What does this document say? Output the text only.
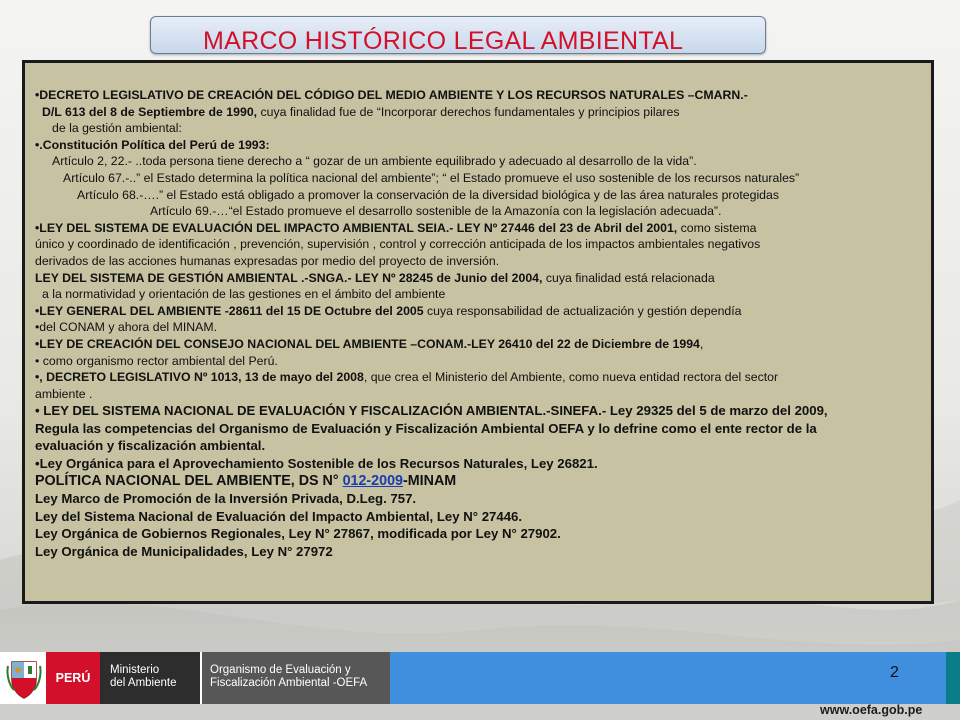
MARCO HISTÓRICO LEGAL AMBIENTAL

•DECRETO LEGISLATIVO DE CREACIÓN DEL CÓDIGO DEL MEDIO AMBIENTE Y LOS RECURSOS NATURALES –CMARN.-

D/L 613 del 8 de Septiembre de 1990, cuya finalidad fue de “Incorporar derechos fundamentales y principios pilares

de la gestión ambiental:

•.Constitución Política del Perú de 1993:

Artículo 2, 22.- ..toda persona tiene derecho a “ gozar de un ambiente equilibrado y adecuado al desarrollo de la vida”.

Artículo 67.-..” el Estado determina la política nacional del ambiente”; “ el Estado promueve el uso sostenible de los recursos naturales”

Artículo 68.-….” el Estado está obligado a promover la conservación de la diversidad biológica y de las área naturales protegidas

Artículo 69.-…“el Estado promueve el desarrollo sostenible de la Amazonía con la legislación adecuada”.

•LEY DEL SISTEMA DE EVALUACIÓN DEL IMPACTO AMBIENTAL SEIA.- LEY Nº 27446 del 23 de Abril del 2001, como sistema

único y coordinado de identificación , prevención, supervisión , control y corrección anticipada de los impactos ambientales negativos

derivados de las acciones humanas expresadas por medio del proyecto de inversión.

LEY DEL SISTEMA DE GESTIÓN AMBIENTAL .-SNGA.- LEY Nº 28245 de Junio del 2004, cuya finalidad está relacionada

a la normatividad y orientación de las gestiones en el ámbito del ambiente

•LEY GENERAL DEL AMBIENTE -28611 del 15 DE Octubre del 2005 cuya responsabilidad de actualización y gestión dependía

•del CONAM y ahora del MINAM.

•LEY DE CREACIÓN DEL CONSEJO NACIONAL DEL AMBIENTE –CONAM.-LEY 26410 del 22 de Diciembre de 1994,

• como organismo rector ambiental del Perú.

•, DECRETO LEGISLATIVO Nº 1013, 13 de mayo del 2008, que crea el Ministerio del Ambiente, como nueva entidad rectora del sector

ambiente .

• LEY DEL SISTEMA NACIONAL DE EVALUACIÓN Y FISCALIZACIÓN AMBIENTAL.-SINEFA.- Ley 29325 del 5 de marzo del 2009,

Regula las competencias del Organismo de Evaluación y Fiscalización Ambiental OEFA y lo defrine como el ente rector de la

evaluación y fiscalización ambiental.

•Ley Orgánica para el Aprovechamiento Sostenible de los Recursos Naturales, Ley 26821.

POLÍTICA NACIONAL DEL AMBIENTE, DS N° 012-2009-MINAM

Ley Marco de Promoción de la Inversión Privada, D.Leg. 757.

Ley del Sistema Nacional de Evaluación del Impacto Ambiental, Ley N° 27446.

Ley Orgánica de Gobiernos Regionales, Ley N° 27867, modificada por Ley N° 27902.

Ley Orgánica de Municipalidades, Ley N° 27972

PERÚ
Ministerio
del Ambiente
Organismo de Evaluación y
Fiscalización Ambiental -OEFA
2
www.oefa.gob.pe
